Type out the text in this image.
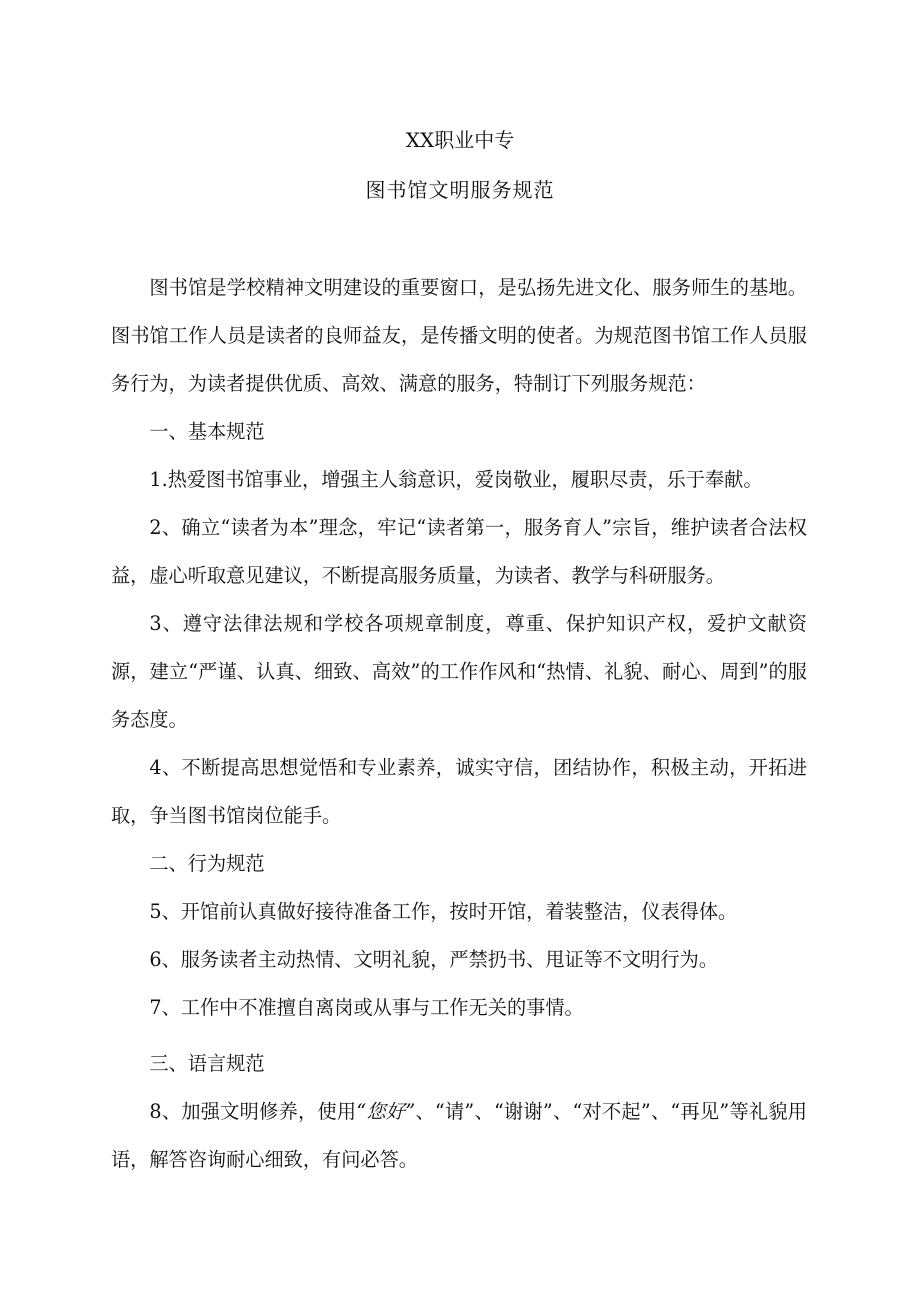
XX职业中专
图书馆文明服务规范

图书馆是学校精神文明建设的重要窗口，是弘扬先进文化、服务师生的基地。图书馆工作人员是读者的良师益友，是传播文明的使者。为规范图书馆工作人员服务行为，为读者提供优质、高效、满意的服务，特制订下列服务规范：

一、基本规范

1.热爱图书馆事业，增强主人翁意识，爱岗敬业，履职尽责，乐于奉献。

2、确立“读者为本”理念，牢记“读者第一，服务育人”宗旨，维护读者合法权益，虚心听取意见建议，不断提高服务质量，为读者、教学与科研服务。

3、遵守法律法规和学校各项规章制度，尊重、保护知识产权，爱护文献资源，建立“严谨、认真、细致、高效”的工作作风和“热情、礼貌、耐心、周到”的服务态度。

4、不断提高思想觉悟和专业素养，诚实守信，团结协作，积极主动，开拓进取，争当图书馆岗位能手。

二、行为规范

5、开馆前认真做好接待准备工作，按时开馆，着装整洁，仪表得体。

6、服务读者主动热情、文明礼貌，严禁扔书、甩证等不文明行为。

7、工作中不准擅自离岗或从事与工作无关的事情。

三、语言规范

8、加强文明修养，使用“您好”、“请”、“谢谢”、“对不起”、“再见”等礼貌用语，解答咨询耐心细致，有问必答。
